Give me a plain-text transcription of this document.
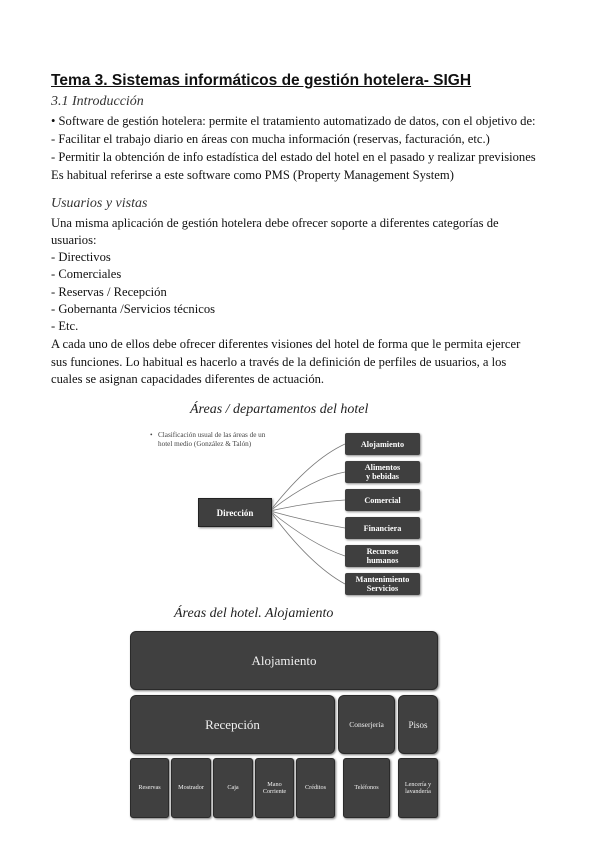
Tema 3. Sistemas informáticos de gestión hotelera- SIGH
3.1 Introducción
• Software de gestión hotelera: permite el tratamiento automatizado de datos, con el objetivo de:
- Facilitar el trabajo diario en áreas con mucha información (reservas, facturación, etc.)
- Permitir la obtención de info estadística del estado del hotel en el pasado y realizar previsiones
Es habitual referirse a este software como PMS (Property Management System)
Usuarios y vistas
Una misma aplicación de gestión hotelera debe ofrecer soporte a diferentes categorías de
usuarios:
- Directivos
- Comerciales
- Reservas / Recepción
- Gobernanta /Servicios técnicos
- Etc.
A cada uno de ellos debe ofrecer diferentes visiones del hotel de forma que le permita ejercer
sus funciones. Lo habitual es hacerlo a través de la definición de perfiles de usuarios, a los
cuales se asignan capacidades diferentes de actuación.
Áreas / departamentos del hotel
• Clasificación usual de las áreas de un hotel medio (González & Talón)
Dirección
Alojamiento
Alimentos
y bebidas
Comercial
Financiera
Recursos
humanos
Mantenimiento
Servicios
Áreas del hotel. Alojamiento
Alojamiento
Recepción	Conserjería	Pisos
Reservas	Mostrador	Caja
Mano
Corriente
Créditos	Teléfonos
Lencería y
lavandería
